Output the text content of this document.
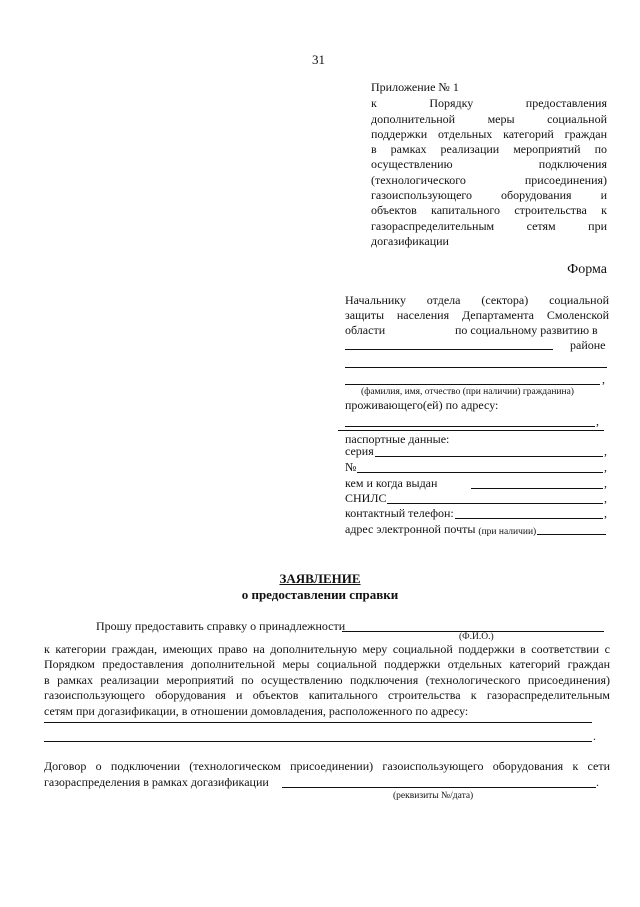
31
Приложение № 1
к Порядку предоставления
дополнительной меры социальной
поддержки отдельных категорий граждан
в рамках реализации мероприятий по
осуществлению подключения
(технологического присоединения)
газоиспользующего оборудования и
объектов капитального строительства к
газораспределительным сетям при
догазификации
Форма
Начальнику отдела (сектора) социальной
защиты населения Департамента Смоленской
области	по социальному развитию в
районе
,
(фамилия, имя, отчество (при наличии) гражданина)
проживающего(ей) по адресу:
,
паспортные данные:
серия	,
№	,
кем и когда выдан	,
СНИЛС	,
контактный телефон:	,
адрес электронной почты
(при наличии)
ЗАЯВЛЕНИЕ
о предоставлении справки
Прошу предоставить справку о принадлежности
(Ф.И.О.)
к категории граждан, имеющих право на дополнительную меру социальной поддержки в соответствии с
Порядком предоставления дополнительной меры социальной поддержки отдельных категорий граждан
в рамках реализации мероприятий по осуществлению подключения (технологического присоединения)
газоиспользующего оборудования и объектов капитального строительства к газораспределительным
сетям при догазификации, в отношении домовладения, расположенного по адресу:
.
Договор о подключении (технологическом присоединении) газоиспользующего оборудования к сети
газораспределения в рамках догазификации	.
(реквизиты №/дата)
